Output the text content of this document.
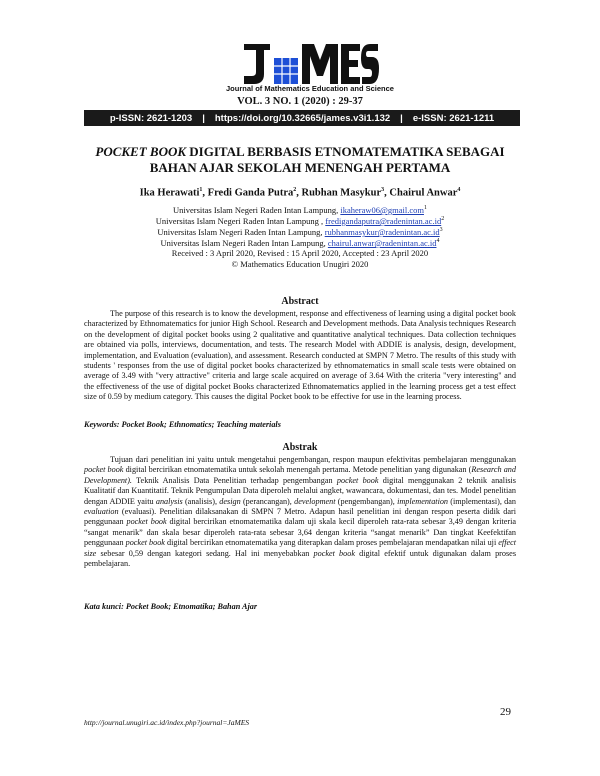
Journal of Mathematics Education and Science
VOL. 3 NO. 1 (2020) : 29-37
p-ISSN: 2621-1203	|	https://doi.org/10.32665/james.v3i1.132	|	e-ISSN: 2621-1211
POCKET BOOK DIGITAL BERBASIS ETNOMATEMATIKA SEBAGAI
BAHAN AJAR SEKOLAH MENENGAH PERTAMA
Ika Herawati$^1$, Fredi Ganda Putra$^2$, Rubhan Masykur$^3$, Chairul Anwar$^4$
Universitas Islam Negeri Raden Intan Lampung, ikaheraw06@gmail.com$^1$
Universitas Islam Negeri Raden Intan Lampung , $fredigandaputra@radenintan.ac.id^2$
Universitas Islam Negeri Raden Intan Lampung, $rubhanmasykur@radenintan.ac.id^3$
Universitas Islam Negeri Raden Intan Lampung, $chairul.anwar@radenintan.ac.id^4$
Received : 3 April 2020, Revised : 15 April 2020, Accepted : 23 April 2020
© Mathematics Education Unugiri 2020
Abstract

The purpose of this research is to know the development, response and effectiveness of learning using a digital pocket book characterized by Ethnomatematics for junior High School. Research and Development methods. Data Analysis techniques Research on the development of digital pocket books using 2 qualitative and quantitative analytical techniques. Data collection techniques are obtained via polls, interviews, documentation, and tests. The research Model with ADDIE is analysis, design, development, implementation, and Evaluation (evaluation), and assessment. Research conducted at SMPN 7 Metro. The results of this study with students ' responses from the use of digital pocket books characterized by ethnomatematics in small scale tests were obtained on average of 3.49 with "very attractive" criteria and large scale acquired on average of 3.64 With the criteria "very interesting" and the effectiveness of the use of digital pocket Books characterized Ethnomatematics applied in the learning process get a test effect size of 0.59 by medium category. This causes the digital Pocket book to be effective for use in the learning process.

Keywords: Pocket Book; Ethnomatics; Teaching materials
Abstrak

Tujuan dari penelitian ini yaitu untuk mengetahui pengembangan, respon maupun efektivitas pembelajaran menggunakan pocket book digital bercirikan etnomatematika untuk sekolah menengah pertama. Metode penelitian yang digunakan (Research and Development). Teknik Analisis Data Penelitian terhadap pengembangan pocket book digital menggunakan 2 teknik analisis Kualitatif dan Kuantitatif. Teknik Pengumpulan Data diperoleh melalui angket, wawancara, dokumentasi, dan tes. Model penelitian dengan ADDIE yaitu analysis (analisis), design (perancangan), development (pengembangan), implementation (implementasi), dan evaluation (evaluasi). Penelitian dilaksanakan di SMPN 7 Metro. Adapun hasil penelitian ini dengan respon peserta didik dari penggunaan pocket book digital bercirikan etnomatematika dalam uji skala kecil diperoleh rata-rata sebesar 3,49 dengan kriteria “sangat menarik” dan skala besar diperoleh rata-rata sebesar 3,64 dengan kriteria “sangat menarik” Dan tingkat Keefektifan penggunaan pocket book digital bercirikan etnomatematika yang diterapkan dalam proses pembelajaran mendapatkan nilai uji effect size sebesar 0,59 dengan kategori sedang. Hal ini menyebabkan pocket book digital efektif untuk digunakan dalam proses pembelajaran.

Kata kunci: Pocket Book; Etnomatika; Bahan Ajar
http://journal.unugiri.ac.id/index.php?journal=JaMES
29
